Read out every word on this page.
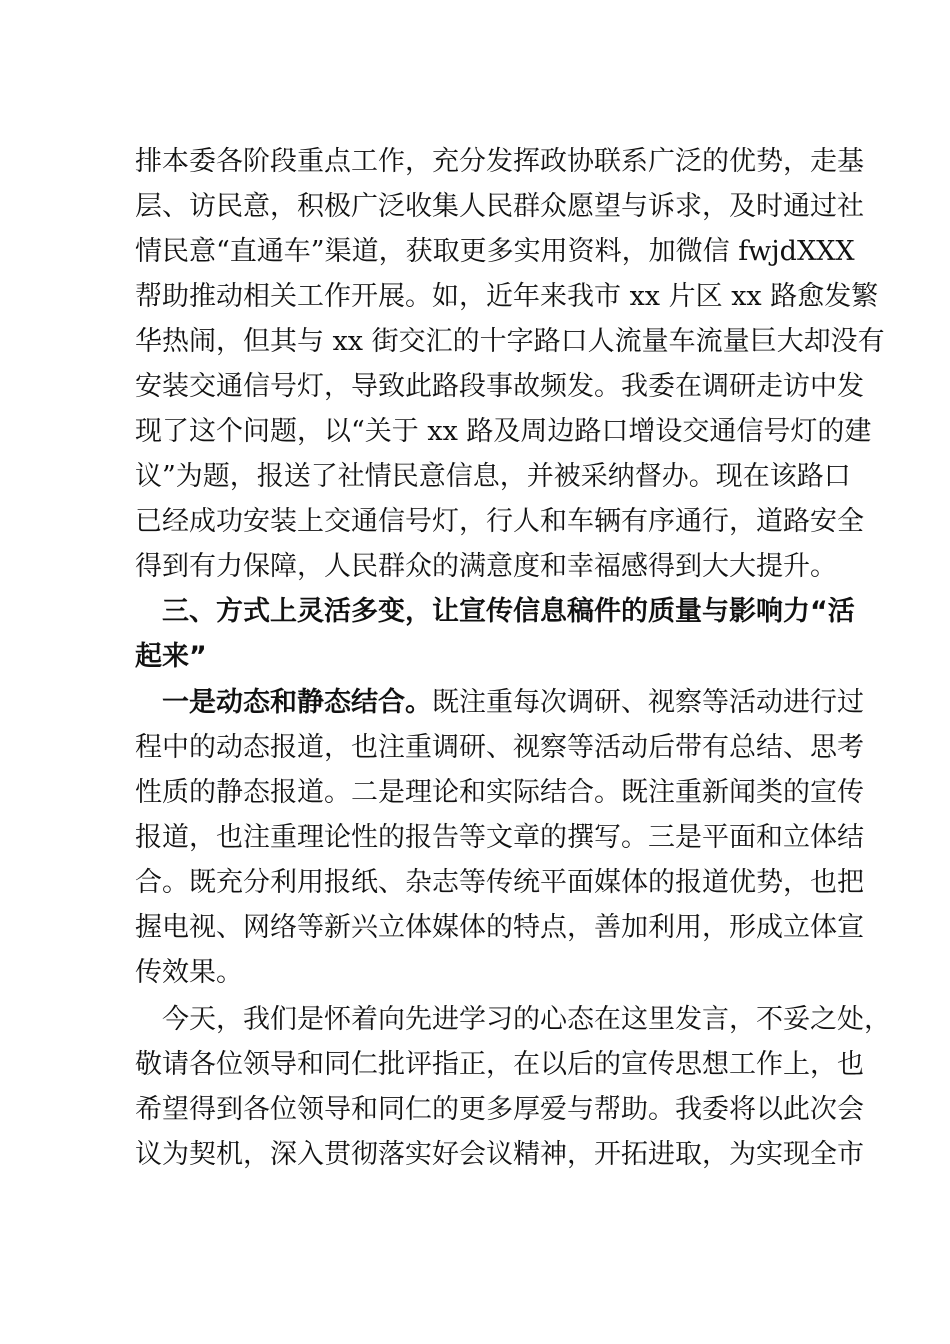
排本委各阶段重点工作，充分发挥政协联系广泛的优势，走基
层、访民意，积极广泛收集人民群众愿望与诉求，及时通过社
情民意“直通车”渠道，获取更多实用资料，加微信 fwjdXXX
帮助推动相关工作开展。如，近年来我市 xx 片区 xx 路愈发繁
华热闹，但其与 xx 街交汇的十字路口人流量车流量巨大却没有
安装交通信号灯，导致此路段事故频发。我委在调研走访中发
现了这个问题，以“关于 xx 路及周边路口增设交通信号灯的建
议”为题，报送了社情民意信息，并被采纳督办。现在该路口
已经成功安装上交通信号灯，行人和车辆有序通行，道路安全
得到有力保障，人民群众的满意度和幸福感得到大大提升。
三、方式上灵活多变，让宣传信息稿件的质量与影响力“活
起来”
一是动态和静态结合。既注重每次调研、视察等活动进行过
程中的动态报道，也注重调研、视察等活动后带有总结、思考
性质的静态报道。二是理论和实际结合。既注重新闻类的宣传
报道，也注重理论性的报告等文章的撰写。三是平面和立体结
合。既充分利用报纸、杂志等传统平面媒体的报道优势，也把
握电视、网络等新兴立体媒体的特点，善加利用，形成立体宣
传效果。
今天，我们是怀着向先进学习的心态在这里发言，不妥之处，
敬请各位领导和同仁批评指正，在以后的宣传思想工作上，也
希望得到各位领导和同仁的更多厚爱与帮助。我委将以此次会
议为契机，深入贯彻落实好会议精神，开拓进取，为实现全市
